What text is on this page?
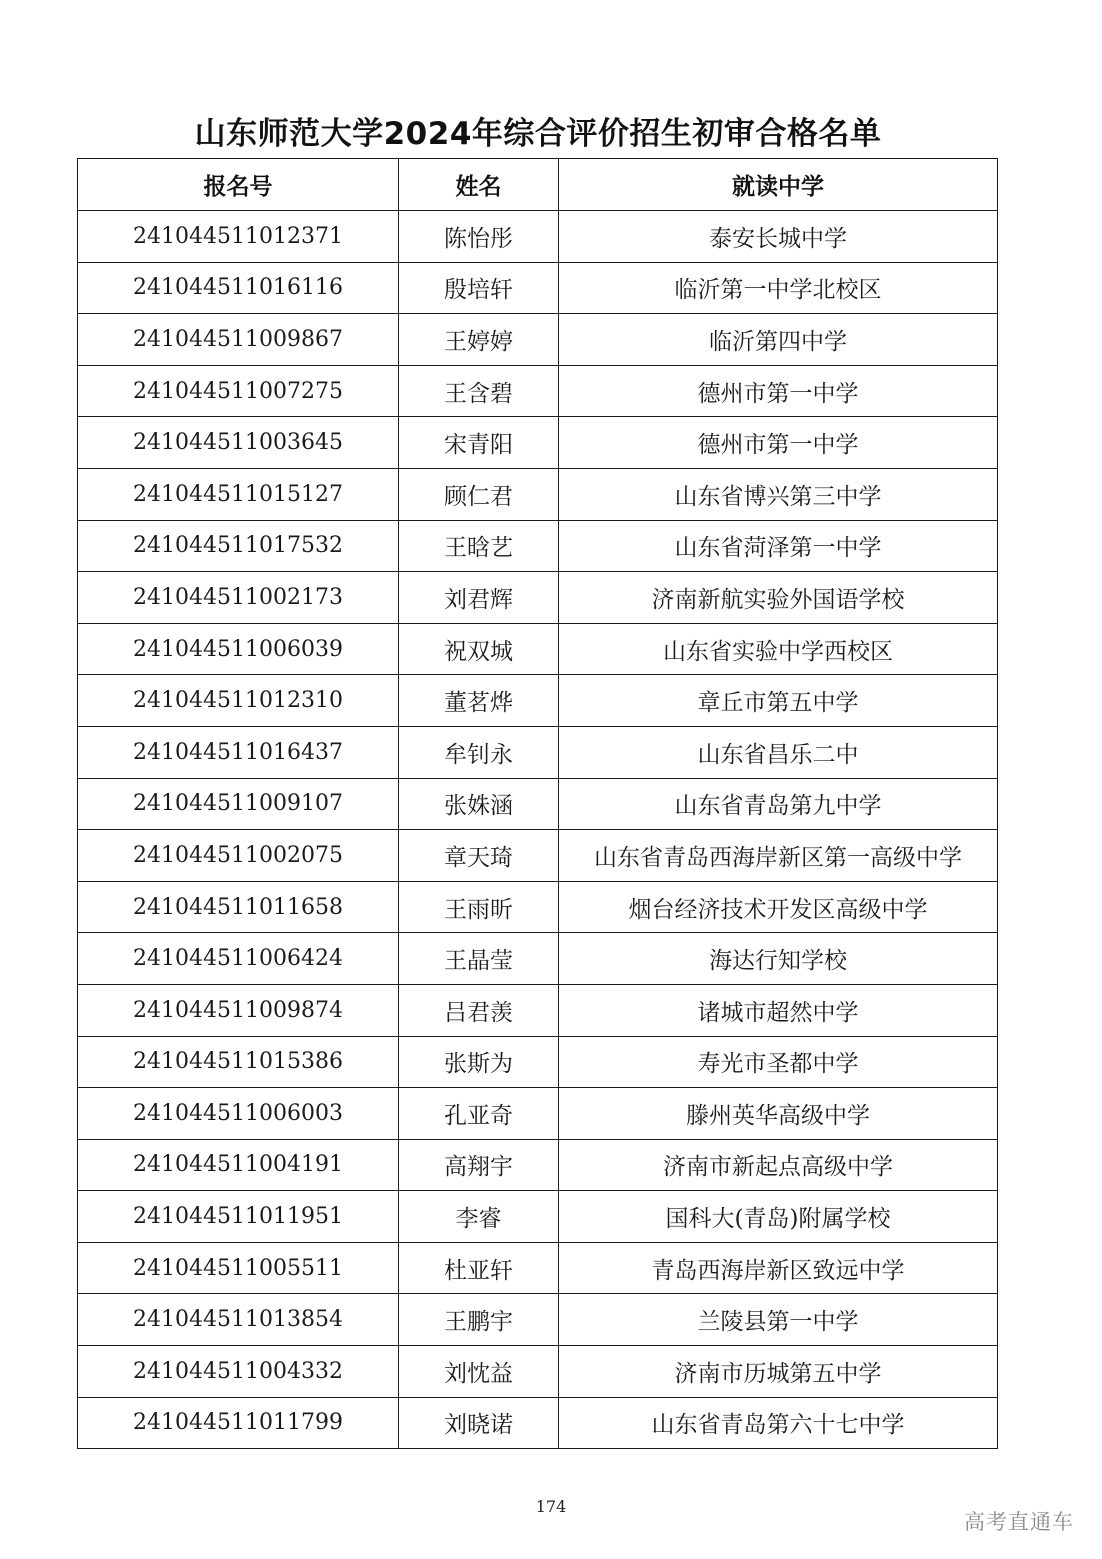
山东师范大学2024年综合评价招生初审合格名单
报名号	姓名	就读中学
241044511012371	陈怡彤	泰安长城中学
241044511016116	殷培轩	临沂第一中学北校区
241044511009867	王婷婷	临沂第四中学
241044511007275	王含碧	德州市第一中学
241044511003645	宋青阳	德州市第一中学
241044511015127	顾仁君	山东省博兴第三中学
241044511017532	王晗艺	山东省菏泽第一中学
241044511002173	刘君辉	济南新航实验外国语学校
241044511006039	祝双城	山东省实验中学西校区
241044511012310	董茗烨	章丘市第五中学
241044511016437	牟钊永	山东省昌乐二中
241044511009107	张姝涵	山东省青岛第九中学
241044511002075	章天琦	山东省青岛西海岸新区第一高级中学
241044511011658	王雨昕	烟台经济技术开发区高级中学
241044511006424	王晶莹	海达行知学校
241044511009874	吕君羡	诸城市超然中学
241044511015386	张斯为	寿光市圣都中学
241044511006003	孔亚奇	滕州英华高级中学
241044511004191	高翔宇	济南市新起点高级中学
241044511011951	李睿	国科大(青岛)附属学校
241044511005511	杜亚轩	青岛西海岸新区致远中学
241044511013854	王鹏宇	兰陵县第一中学
241044511004332	刘忱益	济南市历城第五中学
241044511011799	刘晓诺	山东省青岛第六十七中学
174
高考直通车
